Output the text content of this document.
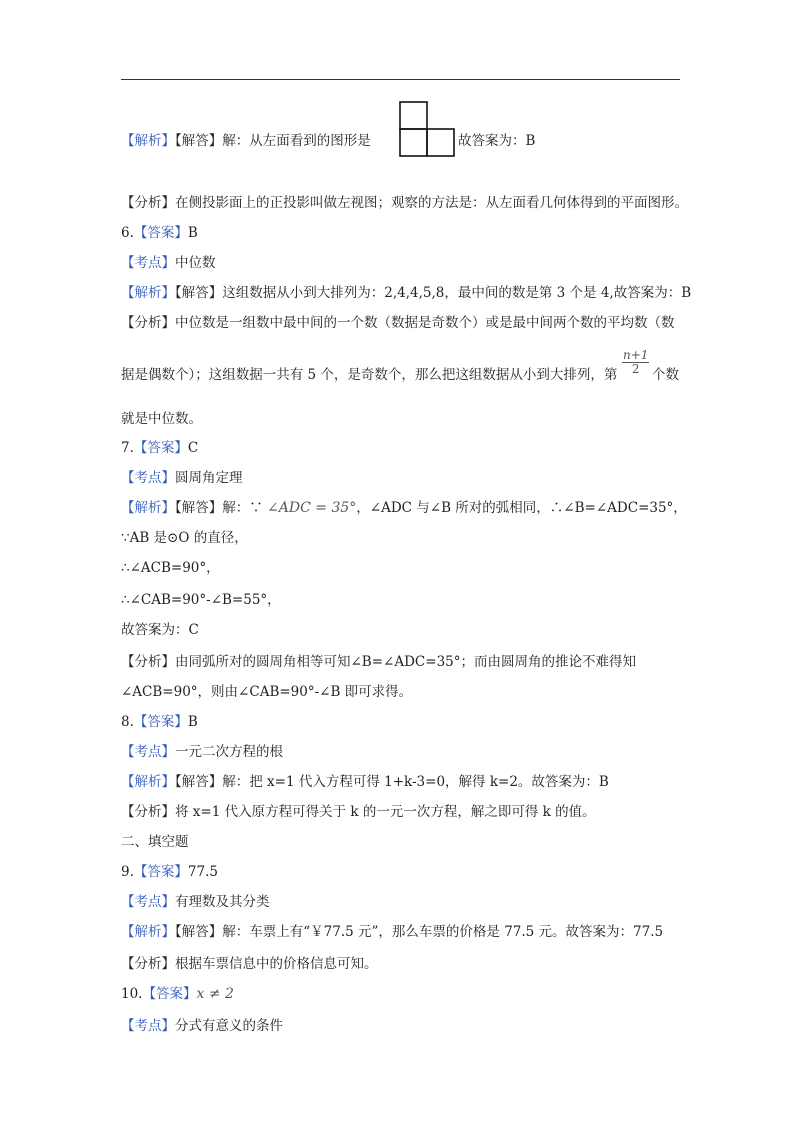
【解析】【解答】解：从左面看到的图形是	故答案为：B
【分析】在侧投影面上的正投影叫做左视图；观察的方法是：从左面看几何体得到的平面图形。
6.【答案】B
【考点】中位数
【解析】【解答】这组数据从小到大排列为：2,4,4,5,8，最中间的数是第 3 个是 4,故答案为：B
【分析】中位数是一组数中最中间的一个数（数据是奇数个）或是最中间两个数的平均数（数
据是偶数个）；这组数据一共有 5 个，是奇数个，那么把这组数据从小到大排列，第 $\frac{n+1}{2}$ 个数
就是中位数。
7.【答案】C
【考点】圆周角定理
【解析】【解答】解：∵ ∠ADC = 35°，∠ADC 与∠B 所对的弧相同，∴∠B=∠ADC=35°，
∵AB 是⊙O 的直径，
∴∠ACB=90°，
∴∠CAB=90°-∠B=55°，
故答案为：C
【分析】由同弧所对的圆周角相等可知∠B=∠ADC=35°；而由圆周角的推论不难得知
∠ACB=90°，则由∠CAB=90°-∠B 即可求得。
8.【答案】B
【考点】一元二次方程的根
【解析】【解答】解：把 x=1 代入方程可得 1+k-3=0，解得 k=2。故答案为：B
【分析】将 x=1 代入原方程可得关于 k 的一元一次方程，解之即可得 k 的值。
二、填空题
9.【答案】77.5
【考点】有理数及其分类
【解析】【解答】解：车票上有“￥77.5 元”，那么车票的价格是 77.5 元。故答案为：77.5
【分析】根据车票信息中的价格信息可知。
10.【答案】x ≠ 2
【考点】分式有意义的条件
